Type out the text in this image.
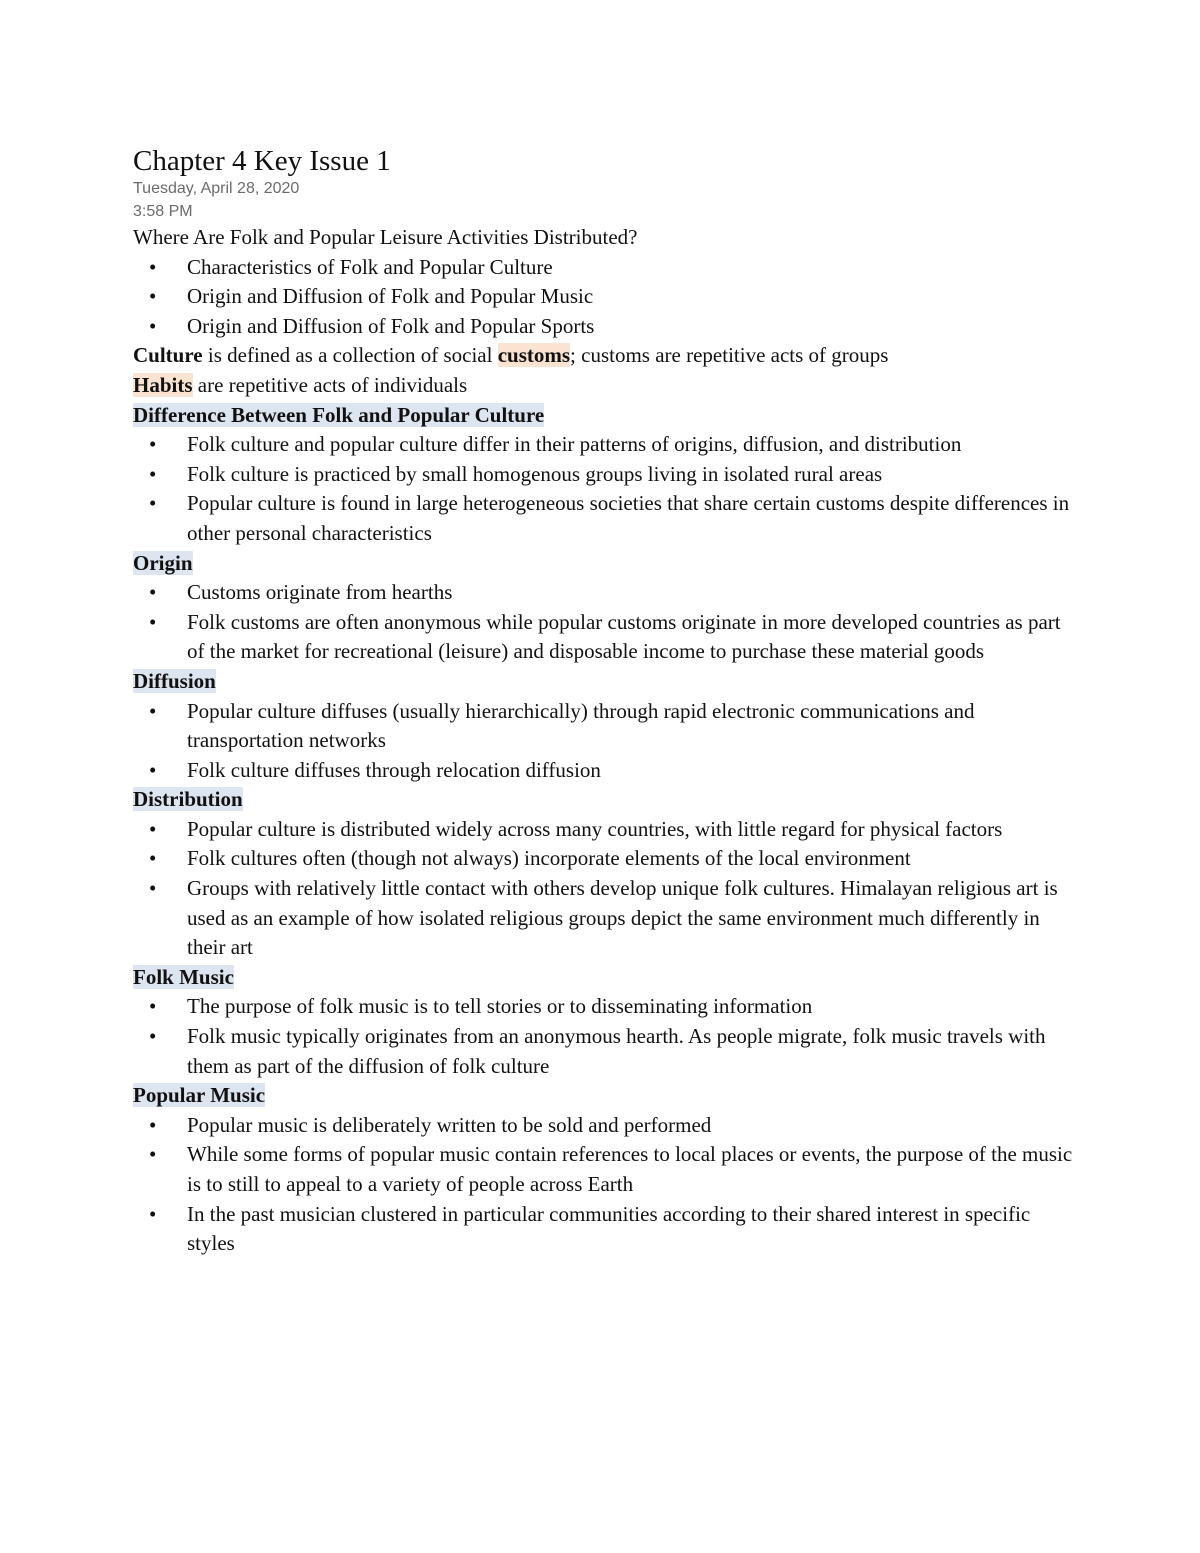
Chapter 4 Key Issue 1
Tuesday, April 28, 2020
3:58 PM
Where Are Folk and Popular Leisure Activities Distributed?
• Characteristics of Folk and Popular Culture
• Origin and Diffusion of Folk and Popular Music
• Origin and Diffusion of Folk and Popular Sports
Culture is defined as a collection of social customs; customs are repetitive acts of groups
Habits are repetitive acts of individuals
Difference Between Folk and Popular Culture
• Folk culture and popular culture differ in their patterns of origins, diffusion, and distribution
• Folk culture is practiced by small homogenous groups living in isolated rural areas
• Popular culture is found in large heterogeneous societies that share certain customs despite differences in other personal characteristics
Origin
• Customs originate from hearths
• Folk customs are often anonymous while popular customs originate in more developed countries as part of the market for recreational (leisure) and disposable income to purchase these material goods
Diffusion
• Popular culture diffuses (usually hierarchically) through rapid electronic communications and transportation networks
• Folk culture diffuses through relocation diffusion
Distribution
• Popular culture is distributed widely across many countries, with little regard for physical factors
• Folk cultures often (though not always) incorporate elements of the local environment
• Groups with relatively little contact with others develop unique folk cultures. Himalayan religious art is used as an example of how isolated religious groups depict the same environment much differently in their art
Folk Music
• The purpose of folk music is to tell stories or to disseminating information
• Folk music typically originates from an anonymous hearth. As people migrate, folk music travels with them as part of the diffusion of folk culture
Popular Music
• Popular music is deliberately written to be sold and performed
• While some forms of popular music contain references to local places or events, the purpose of the music is to still to appeal to a variety of people across Earth
• In the past musician clustered in particular communities according to their shared interest in specific styles
